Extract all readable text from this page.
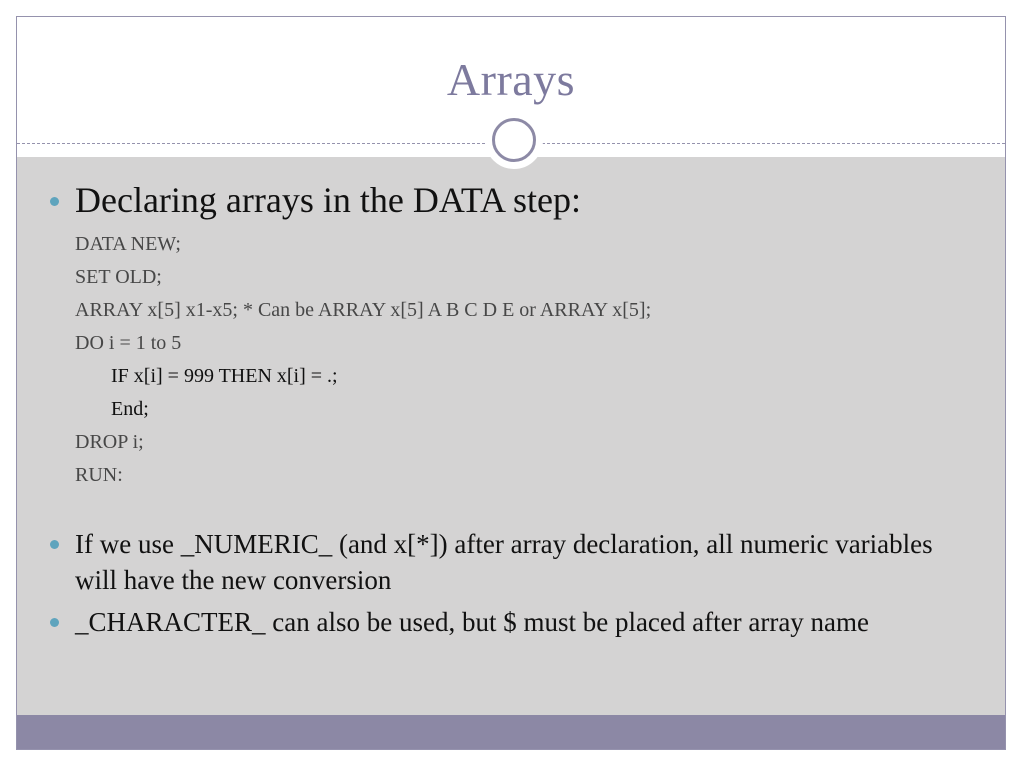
Arrays
Declaring arrays in the DATA step:
DATA NEW;
SET OLD;
ARRAY x[5] x1-x5; * Can be ARRAY x[5] A B C D E or ARRAY x[5];
DO i = 1 to 5
IF x[i] = 999 THEN x[i] = .;
End;
DROP i;
RUN:
If we use _NUMERIC_ (and x[*]) after array declaration, all numeric variables will have the new conversion
_CHARACTER_ can also be used, but $ must be placed after array name
